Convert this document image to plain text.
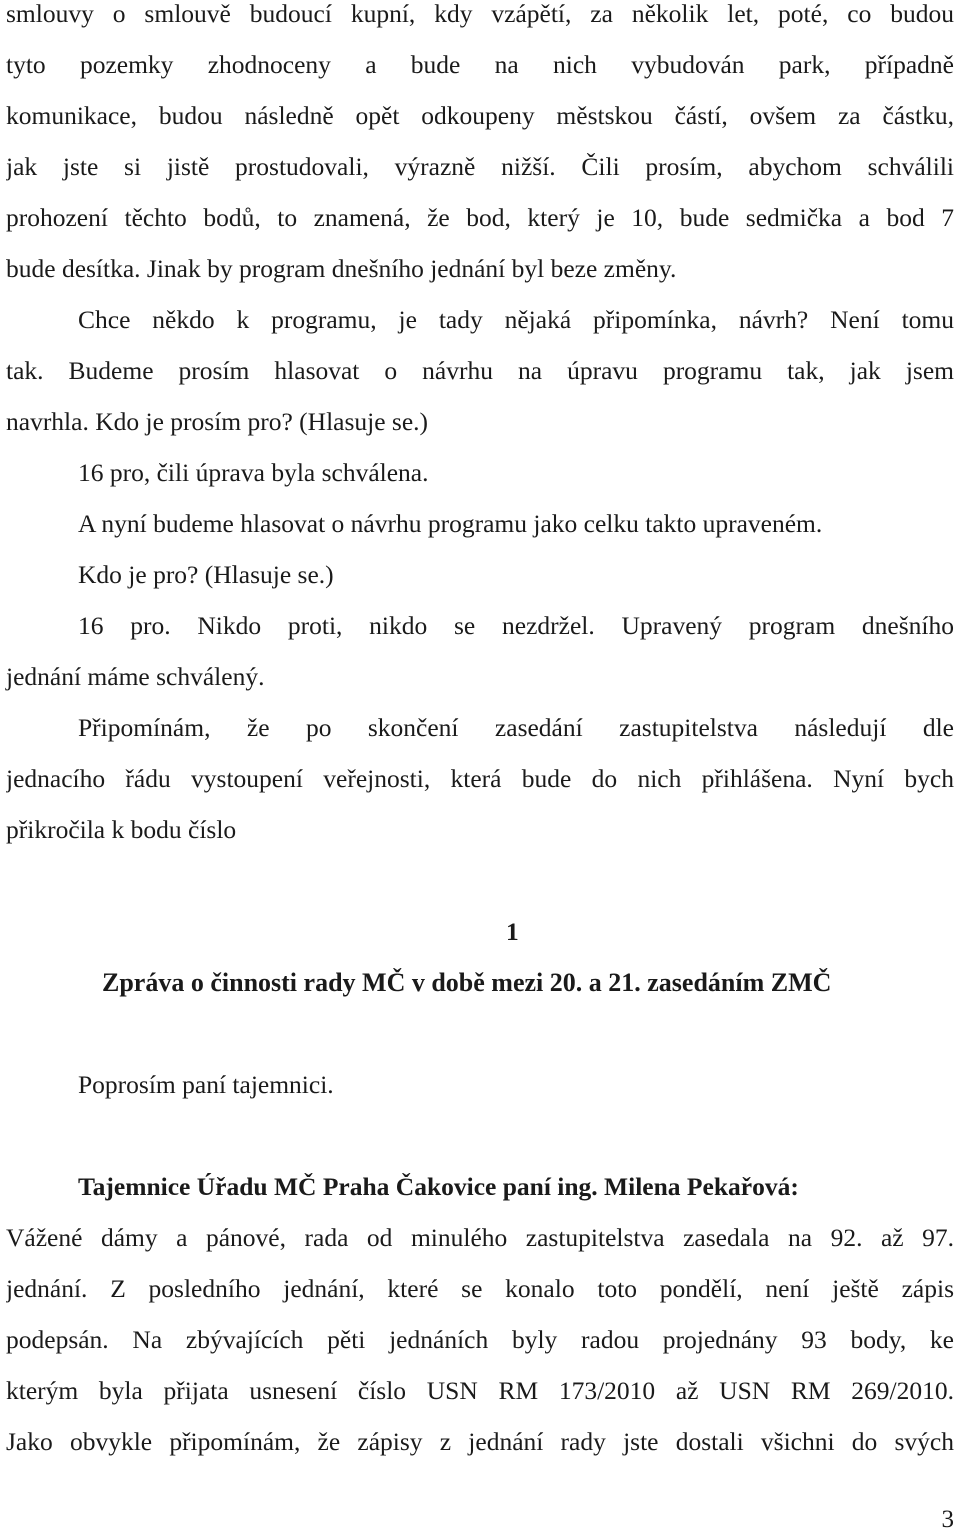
smlouvy o smlouvě budoucí kupní, kdy vzápětí, za několik let, poté, co budou
tyto pozemky zhodnoceny a bude na nich vybudován park, případně
komunikace, budou následně opět odkoupeny městskou částí, ovšem za částku,
jak jste si jistě prostudovali, výrazně nižší. Čili prosím, abychom schválili
prohození těchto bodů, to znamená, že bod, který je 10, bude sedmička a bod 7
bude desítka. Jinak by program dnešního jednání byl beze změny.
Chce někdo k programu, je tady nějaká připomínka, návrh? Není tomu
tak. Budeme prosím hlasovat o návrhu na úpravu programu tak, jak jsem
navrhla. Kdo je prosím pro? (Hlasuje se.)
16 pro, čili úprava byla schválena.
A nyní budeme hlasovat o návrhu programu jako celku takto upraveném.
Kdo je pro? (Hlasuje se.)
16 pro. Nikdo proti, nikdo se nezdržel. Upravený program dnešního
jednání máme schválený.
Připomínám, že po skončení zasedání zastupitelstva následují dle
jednacího řádu vystoupení veřejnosti, která bude do nich přihlášena. Nyní bych
přikročila k bodu číslo
1
Zpráva o činnosti rady MČ v době mezi 20. a 21. zasedáním ZMČ
Poprosím paní tajemnici.
Tajemnice Úřadu MČ Praha Čakovice paní ing. Milena Pekařová:
Vážené dámy a pánové, rada od minulého zastupitelstva zasedala na 92. až 97.
jednání. Z posledního jednání, které se konalo toto pondělí, není ještě zápis
podepsán. Na zbývajících pěti jednáních byly radou projednány 93 body, ke
kterým byla přijata usnesení číslo USN RM 173/2010 až USN RM 269/2010.
Jako obvykle připomínám, že zápisy z jednání rady jste dostali všichni do svých
3
